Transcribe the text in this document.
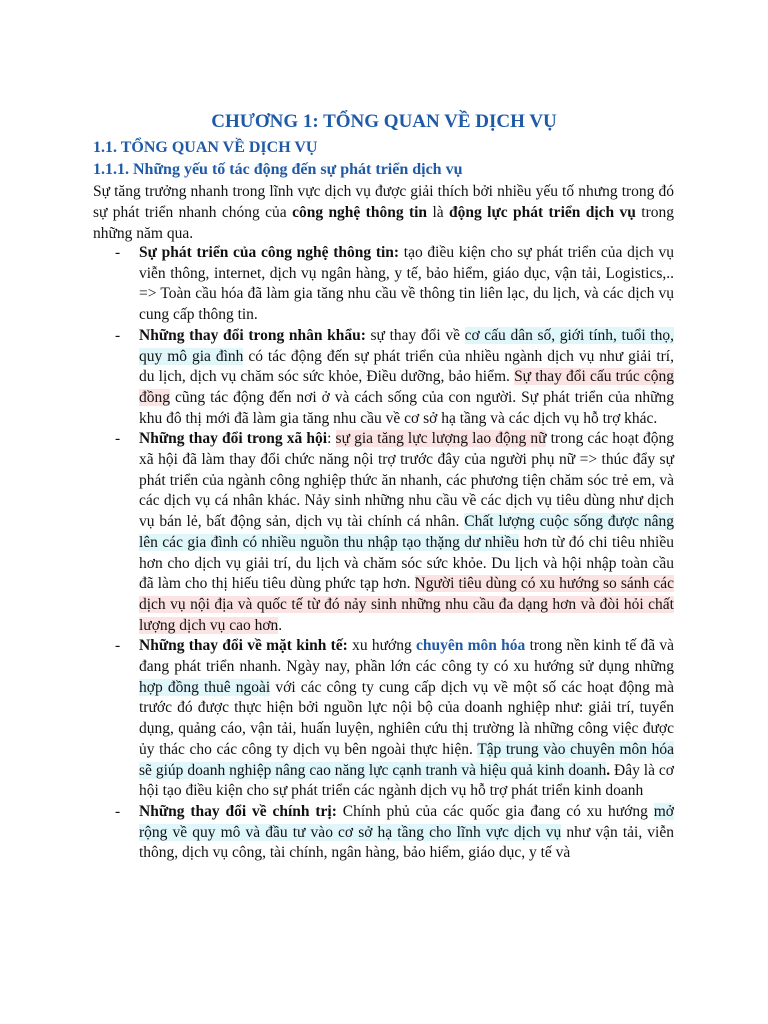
CHƯƠNG 1: TỔNG QUAN VỀ DỊCH VỤ
1.1. TỔNG QUAN VỀ DỊCH VỤ
1.1.1. Những yếu tố tác động đến sự phát triển dịch vụ
Sự tăng trưởng nhanh trong lĩnh vực dịch vụ được giải thích bởi nhiều yếu tố nhưng trong đó sự phát triển nhanh chóng của công nghệ thông tin là động lực phát triển dịch vụ trong những năm qua.
- Sự phát triển của công nghệ thông tin: tạo điều kiện cho sự phát triển của dịch vụ viễn thông, internet, dịch vụ ngân hàng, y tế, bảo hiểm, giáo dục, vận tải, Logistics,.. => Toàn cầu hóa đã làm gia tăng nhu cầu về thông tin liên lạc, du lịch, và các dịch vụ cung cấp thông tin.
- Những thay đổi trong nhân khẩu: sự thay đổi về cơ cấu dân số, giới tính, tuổi thọ, quy mô gia đình có tác động đến sự phát triển của nhiều ngành dịch vụ như giải trí, du lịch, dịch vụ chăm sóc sức khỏe, Điều dưỡng, bảo hiểm. Sự thay đổi cấu trúc cộng đồng cũng tác động đến nơi ở và cách sống của con người. Sự phát triển của những khu đô thị mới đã làm gia tăng nhu cầu về cơ sở hạ tầng và các dịch vụ hỗ trợ khác.
- Những thay đổi trong xã hội: sự gia tăng lực lượng lao động nữ trong các hoạt động xã hội đã làm thay đổi chức năng nội trợ trước đây của người phụ nữ => thúc đẩy sự phát triển của ngành công nghiệp thức ăn nhanh, các phương tiện chăm sóc trẻ em, và các dịch vụ cá nhân khác. Nảy sinh những nhu cầu về các dịch vụ tiêu dùng như dịch vụ bán lẻ, bất động sản, dịch vụ tài chính cá nhân. Chất lượng cuộc sống được nâng lên các gia đình có nhiều nguồn thu nhập tạo thặng dư nhiều hơn từ đó chi tiêu nhiều hơn cho dịch vụ giải trí, du lịch và chăm sóc sức khỏe. Du lịch và hội nhập toàn cầu đã làm cho thị hiếu tiêu dùng phức tạp hơn. Người tiêu dùng có xu hướng so sánh các dịch vụ nội địa và quốc tế từ đó nảy sinh những nhu cầu đa dạng hơn và đòi hỏi chất lượng dịch vụ cao hơn.
- Những thay đổi về mặt kinh tế: xu hướng chuyên môn hóa trong nền kinh tế đã và đang phát triển nhanh. Ngày nay, phần lớn các công ty có xu hướng sử dụng những hợp đồng thuê ngoài với các công ty cung cấp dịch vụ về một số các hoạt động mà trước đó được thực hiện bởi nguồn lực nội bộ của doanh nghiệp như: giải trí, tuyển dụng, quảng cáo, vận tải, huấn luyện, nghiên cứu thị trường là những công việc được ủy thác cho các công ty dịch vụ bên ngoài thực hiện. Tập trung vào chuyên môn hóa sẽ giúp doanh nghiệp nâng cao năng lực cạnh tranh và hiệu quả kinh doanh. Đây là cơ hội tạo điều kiện cho sự phát triển các ngành dịch vụ hỗ trợ phát triển kinh doanh
- Những thay đổi về chính trị: Chính phủ của các quốc gia đang có xu hướng mở rộng về quy mô và đầu tư vào cơ sở hạ tầng cho lĩnh vực dịch vụ như vận tải, viễn thông, dịch vụ công, tài chính, ngân hàng, bảo hiểm, giáo dục, y tế và
